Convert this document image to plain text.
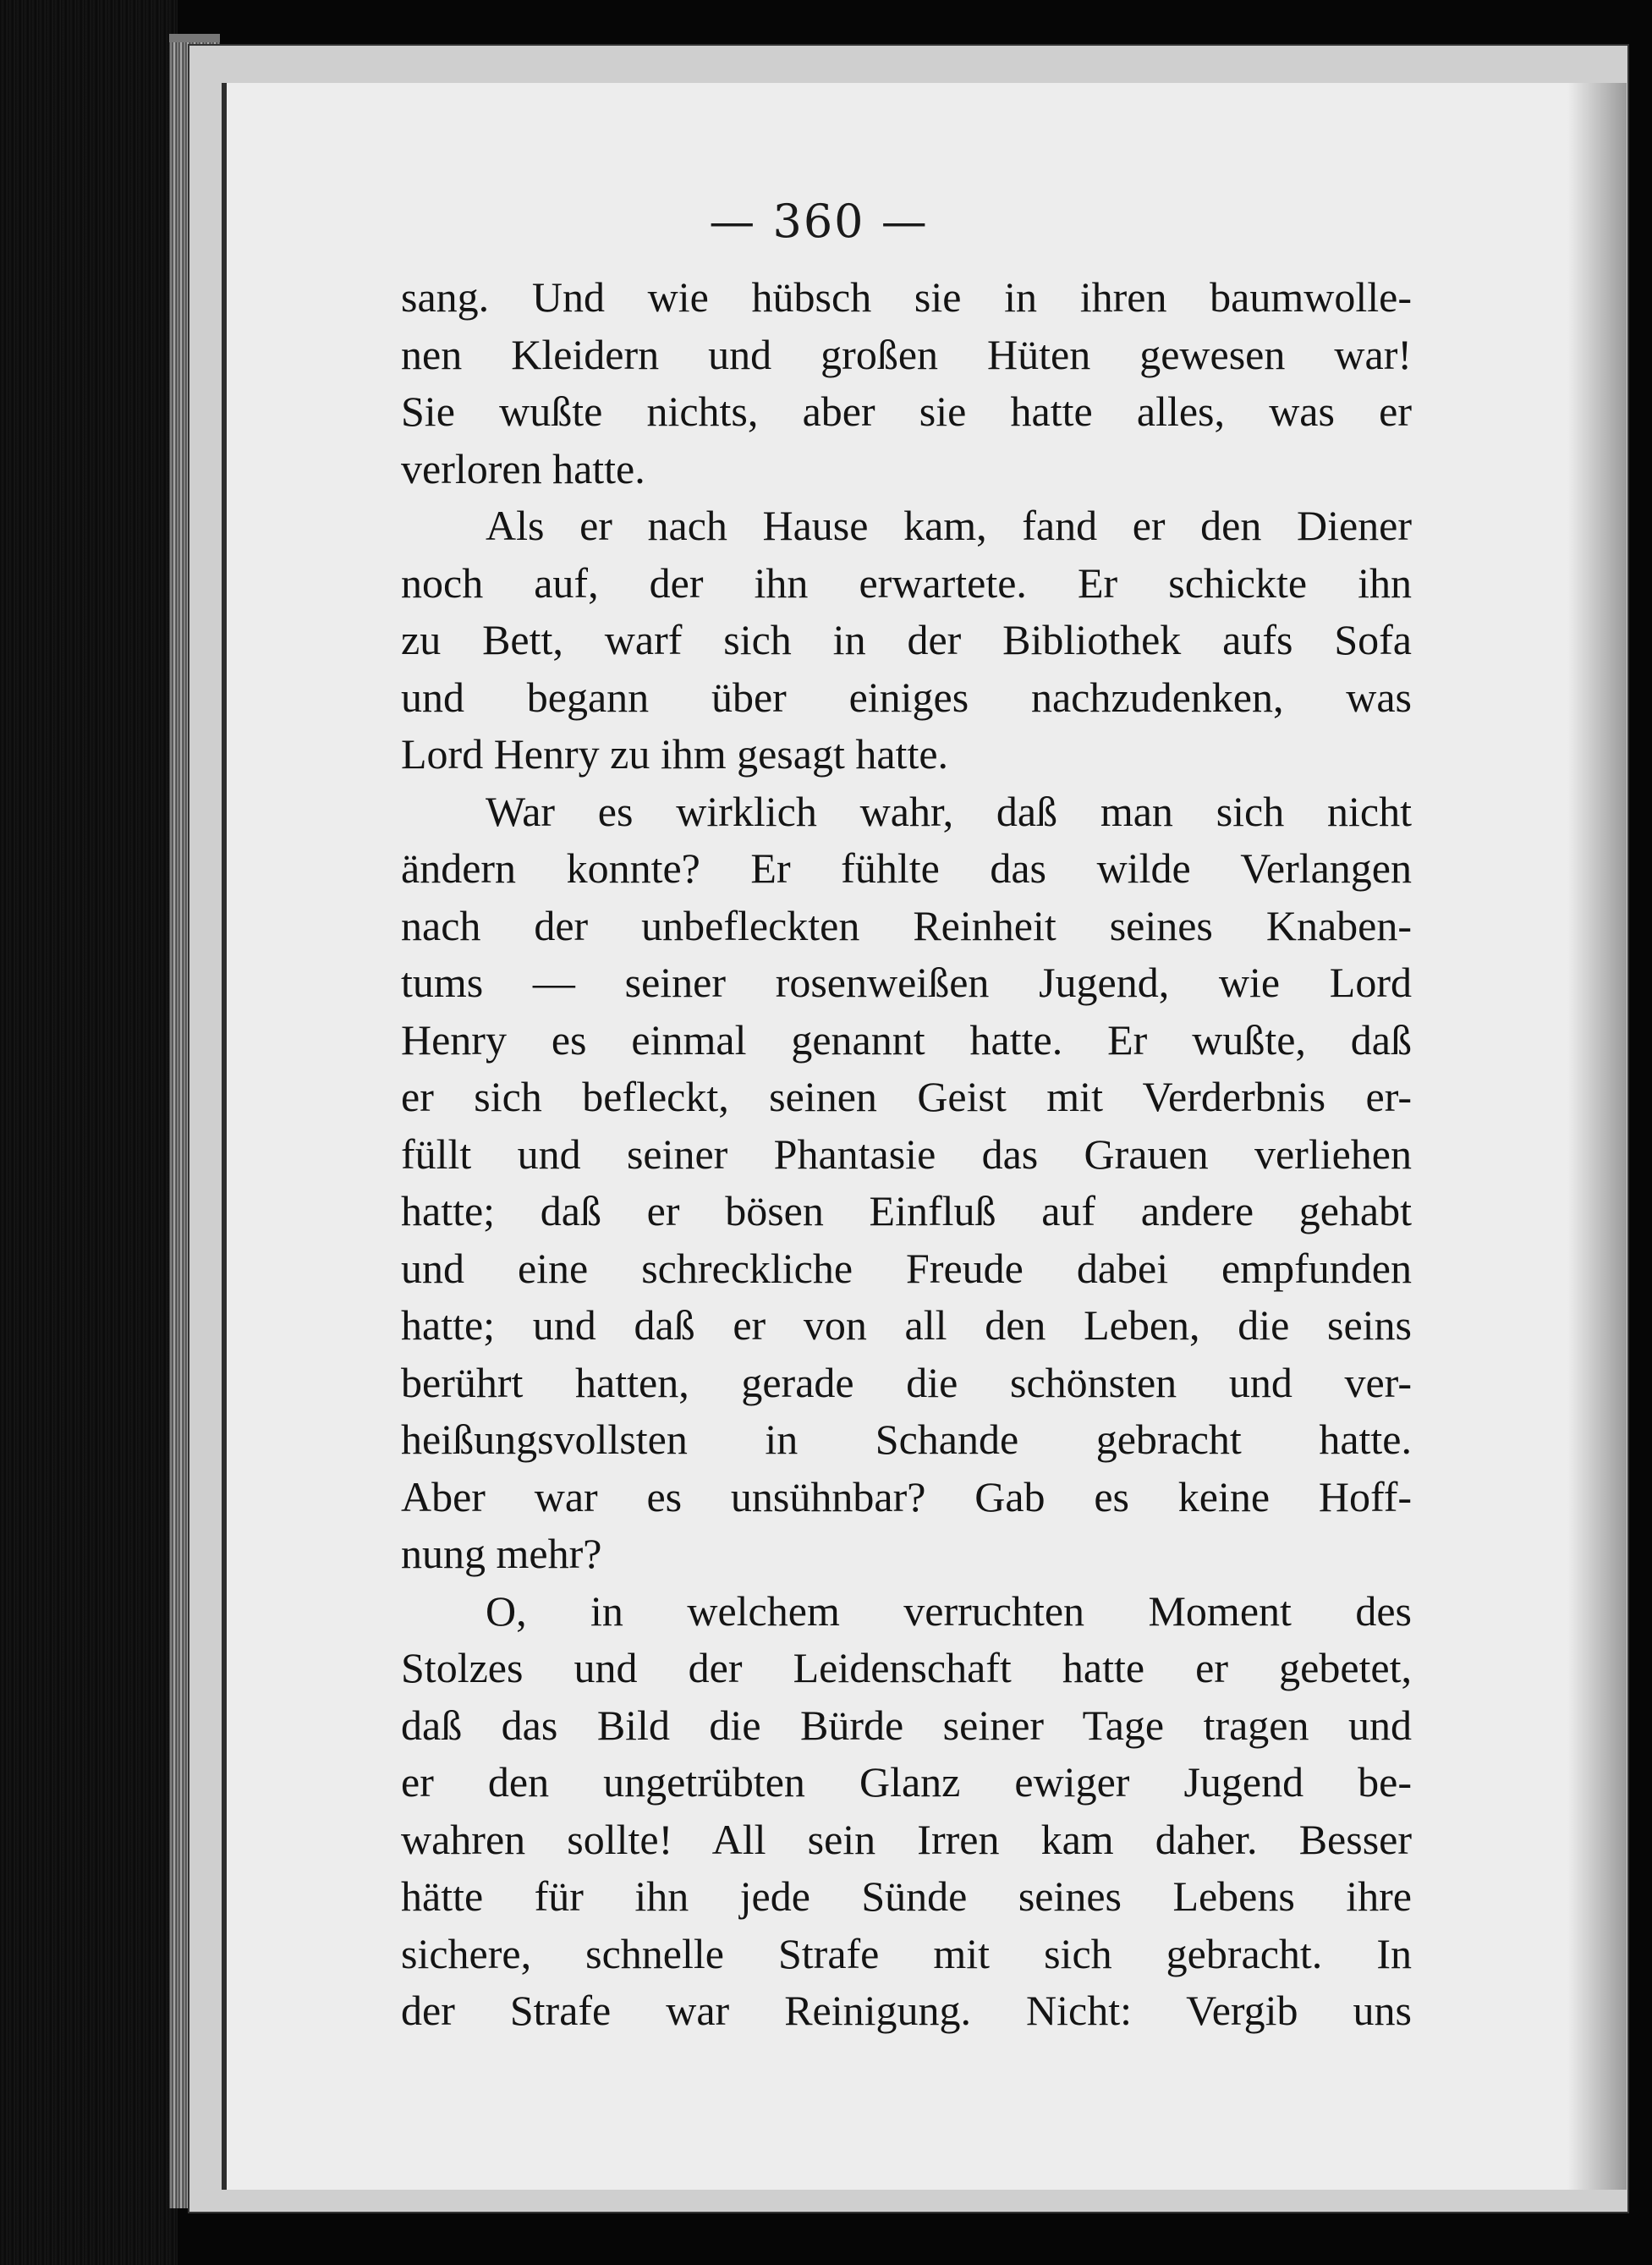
— 360 —
sang. Und wie hübsch sie in ihren baumwolle-
nen Kleidern und großen Hüten gewesen war!
Sie wußte nichts, aber sie hatte alles, was er
verloren hatte.
Als er nach Hause kam, fand er den Diener
noch auf, der ihn erwartete. Er schickte ihn
zu Bett, warf sich in der Bibliothek aufs Sofa
und begann über einiges nachzudenken, was
Lord Henry zu ihm gesagt hatte.
War es wirklich wahr, daß man sich nicht
ändern konnte? Er fühlte das wilde Verlangen
nach der unbefleckten Reinheit seines Knaben-
tums — seiner rosenweißen Jugend, wie Lord
Henry es einmal genannt hatte. Er wußte, daß
er sich befleckt, seinen Geist mit Verderbnis er-
füllt und seiner Phantasie das Grauen verliehen
hatte; daß er bösen Einfluß auf andere gehabt
und eine schreckliche Freude dabei empfunden
hatte; und daß er von all den Leben, die seins
berührt hatten, gerade die schönsten und ver-
heißungsvollsten in Schande gebracht hatte.
Aber war es unsühnbar? Gab es keine Hoff-
nung mehr?
O, in welchem verruchten Moment des
Stolzes und der Leidenschaft hatte er gebetet,
daß das Bild die Bürde seiner Tage tragen und
er den ungetrübten Glanz ewiger Jugend be-
wahren sollte! All sein Irren kam daher. Besser
hätte für ihn jede Sünde seines Lebens ihre
sichere, schnelle Strafe mit sich gebracht. In
der Strafe war Reinigung. Nicht: Vergib uns
